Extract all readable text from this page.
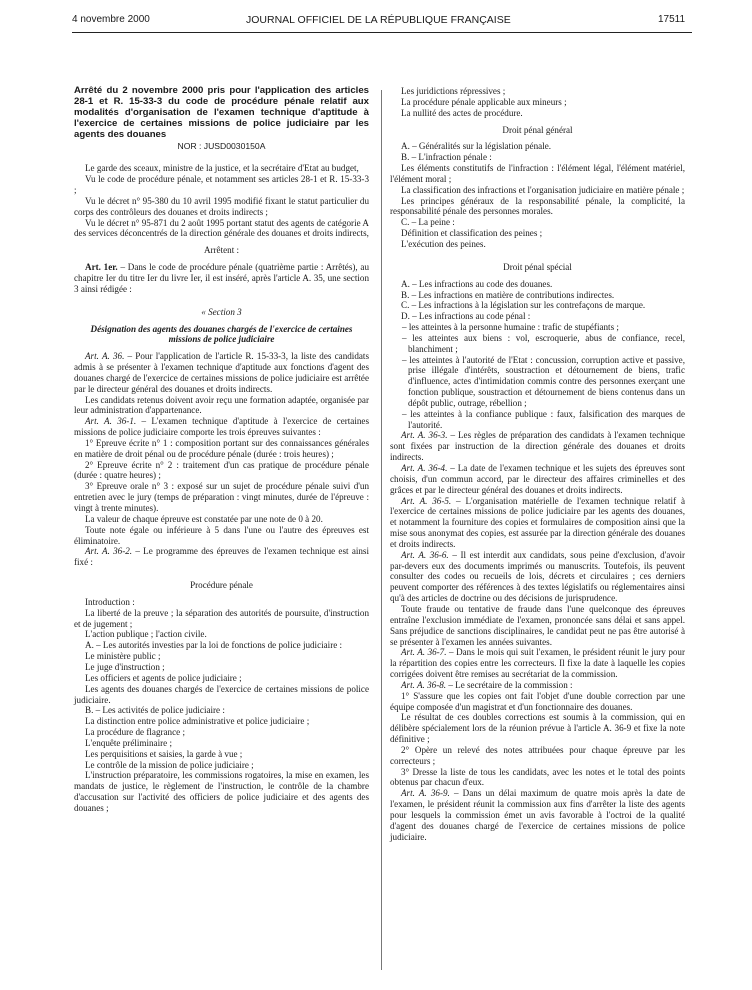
4 novembre 2000	JOURNAL OFFICIEL DE LA RÉPUBLIQUE FRANÇAISE	17511

Arrêté du 2 novembre 2000 pris pour l'application des articles 28-1 et R. 15-33-3 du code de procédure pénale relatif aux modalités d'organisation de l'examen technique d'aptitude à l'exercice de certaines missions de police judiciaire par les agents des douanes

NOR : JUSD0030150A

Le garde des sceaux, ministre de la justice, et la secrétaire d'Etat au budget,

Vu le code de procédure pénale, et notamment ses articles 28-1 et R. 15-33-3 ;

Vu le décret n° 95-380 du 10 avril 1995 modifié fixant le statut particulier du corps des contrôleurs des douanes et droits indirects ;

Vu le décret n° 95-871 du 2 août 1995 portant statut des agents de catégorie A des services déconcentrés de la direction générale des douanes et droits indirects,

Arrêtent :

Art. 1er. – Dans le code de procédure pénale (quatrième partie : Arrêtés), au chapitre Ier du titre Ier du livre Ier, il est inséré, après l'article A. 35, une section 3 ainsi rédigée :

« Section 3

Désignation des agents des douanes chargés de l'exercice de certaines missions de police judiciaire

Art. A. 36. – Pour l'application de l'article R. 15-33-3, la liste des candidats admis à se présenter à l'examen technique d'aptitude aux fonctions d'agent des douanes chargé de l'exercice de certaines missions de police judiciaire est arrêtée par le directeur général des douanes et droits indirects.

Les candidats retenus doivent avoir reçu une formation adaptée, organisée par leur administration d'appartenance.

Art. A. 36-1. – L'examen technique d'aptitude à l'exercice de certaines missions de police judiciaire comporte les trois épreuves suivantes :

1° Epreuve écrite n° 1 : composition portant sur des connaissances générales en matière de droit pénal ou de procédure pénale (durée : trois heures) ;

2° Epreuve écrite n° 2 : traitement d'un cas pratique de procédure pénale (durée : quatre heures) ;

3° Epreuve orale n° 3 : exposé sur un sujet de procédure pénale suivi d'un entretien avec le jury (temps de préparation : vingt minutes, durée de l'épreuve : vingt à trente minutes).

La valeur de chaque épreuve est constatée par une note de 0 à 20.

Toute note égale ou inférieure à 5 dans l'une ou l'autre des épreuves est éliminatoire.

Art. A. 36-2. – Le programme des épreuves de l'examen technique est ainsi fixé :

Procédure pénale

Introduction :

La liberté de la preuve ; la séparation des autorités de poursuite, d'instruction et de jugement ;

L'action publique ; l'action civile.

A. – Les autorités investies par la loi de fonctions de police judiciaire :

Le ministère public ;

Le juge d'instruction ;

Les officiers et agents de police judiciaire ;

Les agents des douanes chargés de l'exercice de certaines missions de police judiciaire.

B. – Les activités de police judiciaire :

La distinction entre police administrative et police judiciaire ;

La procédure de flagrance ;

L'enquête préliminaire ;

Les perquisitions et saisies, la garde à vue ;

Le contrôle de la mission de police judiciaire ;

L'instruction préparatoire, les commissions rogatoires, la mise en examen, les mandats de justice, le règlement de l'instruction, le contrôle de la chambre d'accusation sur l'activité des officiers de police judiciaire et des agents des douanes ;

Les juridictions répressives ;

La procédure pénale applicable aux mineurs ;

La nullité des actes de procédure.

Droit pénal général

A. – Généralités sur la législation pénale.

B. – L'infraction pénale :

Les éléments constitutifs de l'infraction : l'élément légal, l'élément matériel, l'élément moral ;

La classification des infractions et l'organisation judiciaire en matière pénale ;

Les principes généraux de la responsabilité pénale, la complicité, la responsabilité pénale des personnes morales.

C. – La peine :

Définition et classification des peines ;

L'exécution des peines.

Droit pénal spécial

A. – Les infractions au code des douanes.

B. – Les infractions en matière de contributions indirectes.

C. – Les infractions à la législation sur les contrefaçons de marque.

D. – Les infractions au code pénal :

– les atteintes à la personne humaine : trafic de stupéfiants ;

– les atteintes aux biens : vol, escroquerie, abus de confiance, recel, blanchiment ;

– les atteintes à l'autorité de l'Etat : concussion, corruption active et passive, prise illégale d'intérêts, soustraction et détournement de biens, trafic d'influence, actes d'intimidation commis contre des personnes exerçant une fonction publique, soustraction et détournement de biens contenus dans un dépôt public, outrage, rébellion ;

– les atteintes à la confiance publique : faux, falsification des marques de l'autorité.

Art. A. 36-3. – Les règles de préparation des candidats à l'examen technique sont fixées par instruction de la direction générale des douanes et droits indirects.

Art. A. 36-4. – La date de l'examen technique et les sujets des épreuves sont choisis, d'un commun accord, par le directeur des affaires criminelles et des grâces et par le directeur général des douanes et droits indirects.

Art. A. 36-5. – L'organisation matérielle de l'examen technique relatif à l'exercice de certaines missions de police judiciaire par les agents des douanes, et notamment la fourniture des copies et formulaires de composition ainsi que la mise sous anonymat des copies, est assurée par la direction générale des douanes et droits indirects.

Art. A. 36-6. – Il est interdit aux candidats, sous peine d'exclusion, d'avoir par-devers eux des documents imprimés ou manuscrits. Toutefois, ils peuvent consulter des codes ou recueils de lois, décrets et circulaires ; ces derniers peuvent comporter des références à des textes législatifs ou réglementaires ainsi qu'à des articles de doctrine ou des décisions de jurisprudence.

Toute fraude ou tentative de fraude dans l'une quelconque des épreuves entraîne l'exclusion immédiate de l'examen, prononcée sans délai et sans appel. Sans préjudice de sanctions disciplinaires, le candidat peut ne pas être autorisé à se présenter à l'examen les années suivantes.

Art. A. 36-7. – Dans le mois qui suit l'examen, le président réunit le jury pour la répartition des copies entre les correcteurs. Il fixe la date à laquelle les copies corrigées doivent être remises au secrétariat de la commission.

Art. A. 36-8. – Le secrétaire de la commission :

1° S'assure que les copies ont fait l'objet d'une double correction par une équipe composée d'un magistrat et d'un fonctionnaire des douanes.

Le résultat de ces doubles corrections est soumis à la commission, qui en délibère spécialement lors de la réunion prévue à l'article A. 36-9 et fixe la note définitive ;

2° Opère un relevé des notes attribuées pour chaque épreuve par les correcteurs ;

3° Dresse la liste de tous les candidats, avec les notes et le total des points obtenus par chacun d'eux.

Art. A. 36-9. – Dans un délai maximum de quatre mois après la date de l'examen, le président réunit la commission aux fins d'arrêter la liste des agents pour lesquels la commission émet un avis favorable à l'octroi de la qualité d'agent des douanes chargé de l'exercice de certaines missions de police judiciaire.
